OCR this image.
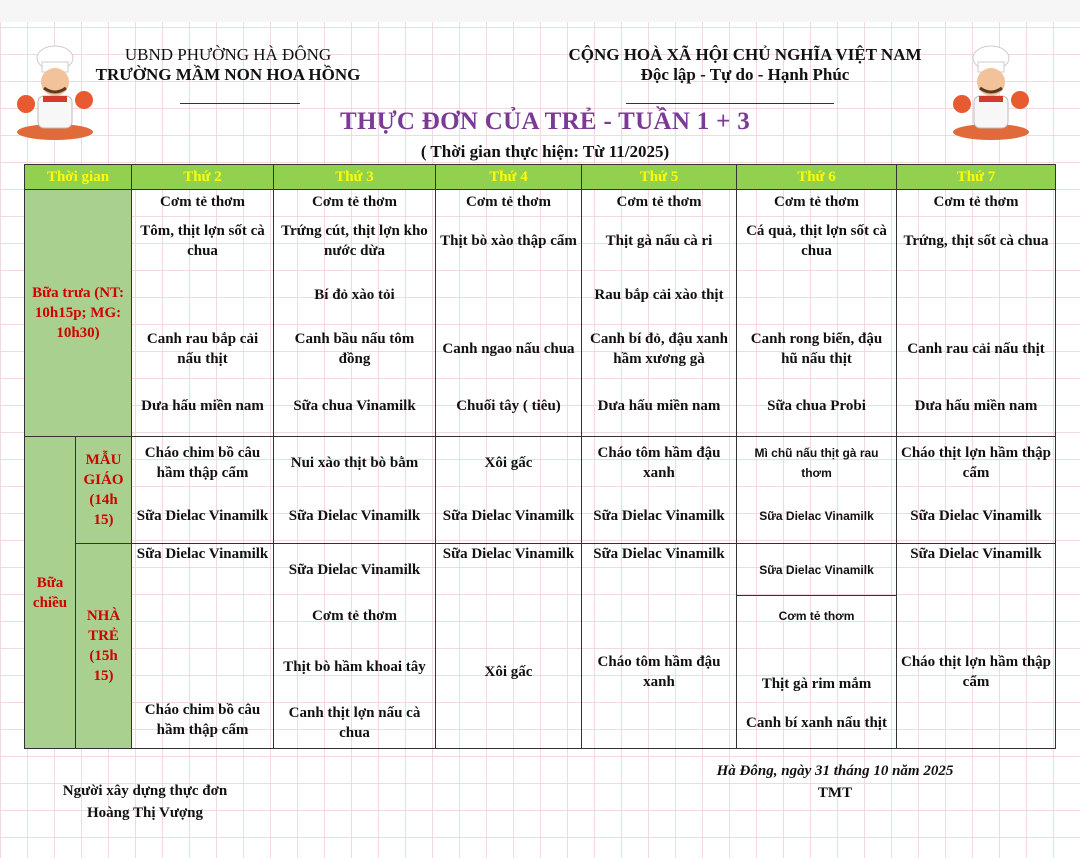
UBND PHƯỜNG HÀ ĐÔNG
TRƯỜNG MẦM NON HOA HỒNG
CỘNG HOÀ XÃ HỘI CHỦ NGHĨA VIỆT NAM
Độc lập - Tự do - Hạnh Phúc
THỰC ĐƠN CỦA TRẺ - TUẦN 1 + 3
( Thời gian thực hiện: Từ 11/2025)
Thời gian		Thứ 2	Thứ 3	Thứ 4	Thứ 5	Thứ 6	Thứ 7
Bữa trưa (NT: 10h15p; MG: 10h30)		Cơm tẻ thơm	Cơm tẻ thơm	Cơm tẻ thơm	Cơm tẻ thơm	Cơm tẻ thơm	Cơm tẻ thơm
		Tôm, thịt lợn sốt cà chua	Trứng cút, thịt lợn kho nước dừa	Thịt bò xào thập cẩm	Thịt gà nấu cà ri	Cá quả, thịt lợn sốt cà chua	Trứng, thịt sốt cà chua
			Bí đỏ xào tỏi		Rau bắp cải xào thịt		
		Canh rau bắp cải nấu thịt	Canh bầu nấu tôm đồng	Canh ngao nấu chua	Canh bí đỏ, đậu xanh hầm xương gà	Canh rong biển, đậu hũ nấu thịt	Canh rau cải nấu thịt
		Dưa hấu miền nam	Sữa chua Vinamilk	Chuối tây ( tiêu)	Dưa hấu miền nam	Sữa chua Probi	Dưa hấu miền nam
Bữa chiều	MẪU GIÁO (14h 15)	Cháo chim bồ câu hầm thập cẩm	Nui xào thịt bò bằm	Xôi gấc	Cháo tôm hầm đậu xanh	Mì chũ nấu thịt gà rau thơm	Cháo thịt lợn hầm thập cẩm
		Sữa Dielac Vinamilk	Sữa Dielac Vinamilk	Sữa Dielac Vinamilk	Sữa Dielac Vinamilk	Sữa Dielac Vinamilk	Sữa Dielac Vinamilk
	NHÀ TRẺ (15h 15)	Sữa Dielac Vinamilk	Sữa Dielac Vinamilk	Sữa Dielac Vinamilk	Sữa Dielac Vinamilk	Sữa Dielac Vinamilk	Sữa Dielac Vinamilk
		Cháo chim bồ câu hầm thập cẩm	Cơm tẻ thơm	Xôi gấc	Cháo tôm hầm đậu xanh	Cơm tẻ thơm	Cháo thịt lợn hầm thập cẩm
			Thịt bò hầm khoai tây			Thịt gà rim mắm	
			Canh thịt lợn nấu cà chua			Canh bí xanh nấu thịt	
Người xây dựng thực đơn
Hoàng Thị Vượng
Hà Đông, ngày 31 tháng 10 năm 2025
TMT
